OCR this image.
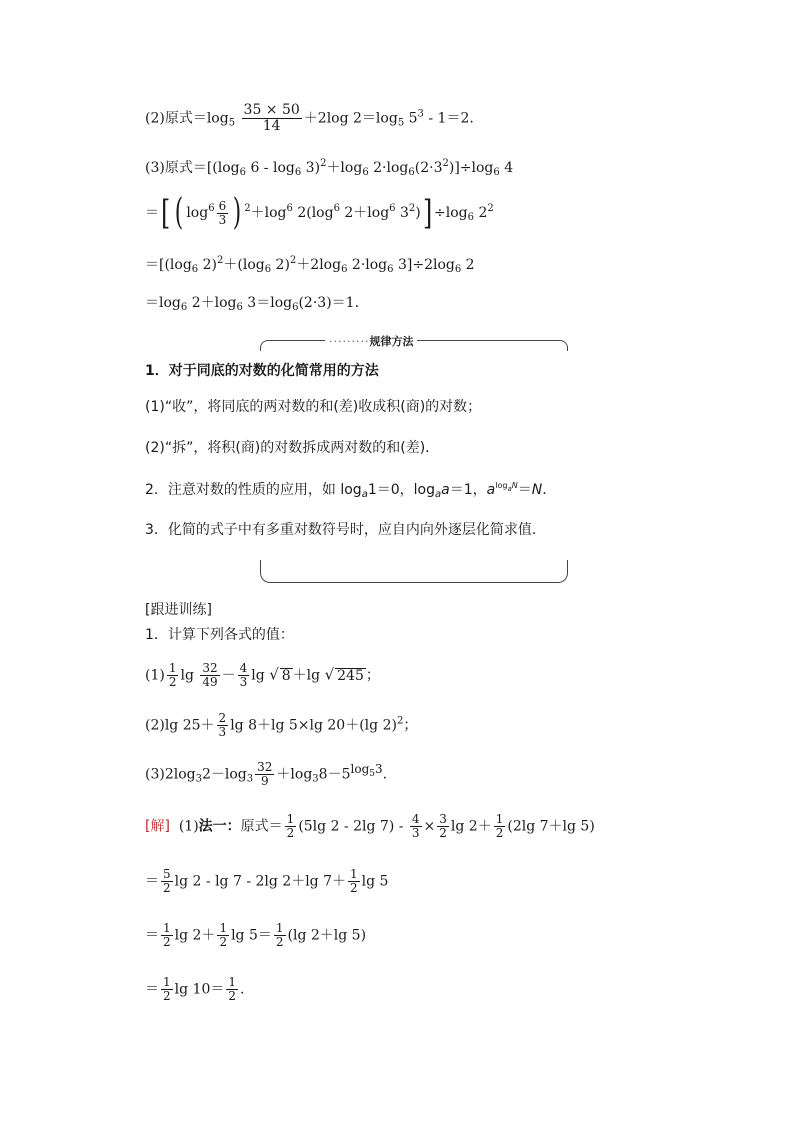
(2)原式$=\log_5 \frac{35 \times 50}{14} +2\log$ $2=\log_5$ $5^3 - 1=2$.
(3)原式$=[(\log_6$ $6 - \log_6 3)^2+\log_6$ $2\cdot\log_6(2\cdot 3^2)]\div\log_6$ 4
＝[ ( $\log^6 \frac{6}{3}$ ) $^2+\log^6$ $2(\log^6$ $2+\log^6$ $3^2)] \div\log_6$ $2^2$
$=[(\log_6$ $2)^2+(\log_6$ $2)^2+2\log_6$ $2\cdot\log_6$ $3]\div 2\log_6$ 2
$=\log_6$ $2+\log_6$ $3=\log_6(2\cdot 3)=1$.
·········规律方法
1．对于同底的对数的化简常用的方法
(1)“收”，将同底的两对数的和(差)收成积(商)的对数；
(2)“拆”，将积(商)的对数拆成两对数的和(差)．
2．注意对数的性质的应用，如 $\log_a1=0$，$\log_aa=1$，$a^{log_aN}=N$.
3．化简的式子中有多重对数符号时，应自内向外逐层化简求值．
[跟进训练]
1．计算下列各式的值：
$(1) \frac{1}{2}$ $\lg \frac{32}{49} - \frac{4}{3}$ lg √ 8 ＋lg √ 245 ；
(2)lg $25+ \frac{2}{3}$ lg 8＋lg 5×lg 20＋(lg 2)$^2$；
$(3)2\log_32-\log_3 \frac{32}{9} +\log_38-5^{log_53}$.
[解]  (1)法一：原式＝ $\frac{1}{2} (5\lg$ 2 - 2lg $7) - \frac{4}{3} \times \frac{3}{2}$ $\lg 2+ \frac{1}{2} (2\lg$ 7＋lg 5)
＝ $\frac{5}{2}$ lg 2 - lg 7 - 2lg 2＋lg $7+ \frac{1}{2}$ lg 5
＝ $\frac{1}{2}$ $\lg 2+ \frac{1}{2}$ $\lg 5= \frac{1}{2} (\lg$ 2＋lg 5)
＝ $\frac{1}{2}$ $\lg 10= \frac{1}{2}$ .
